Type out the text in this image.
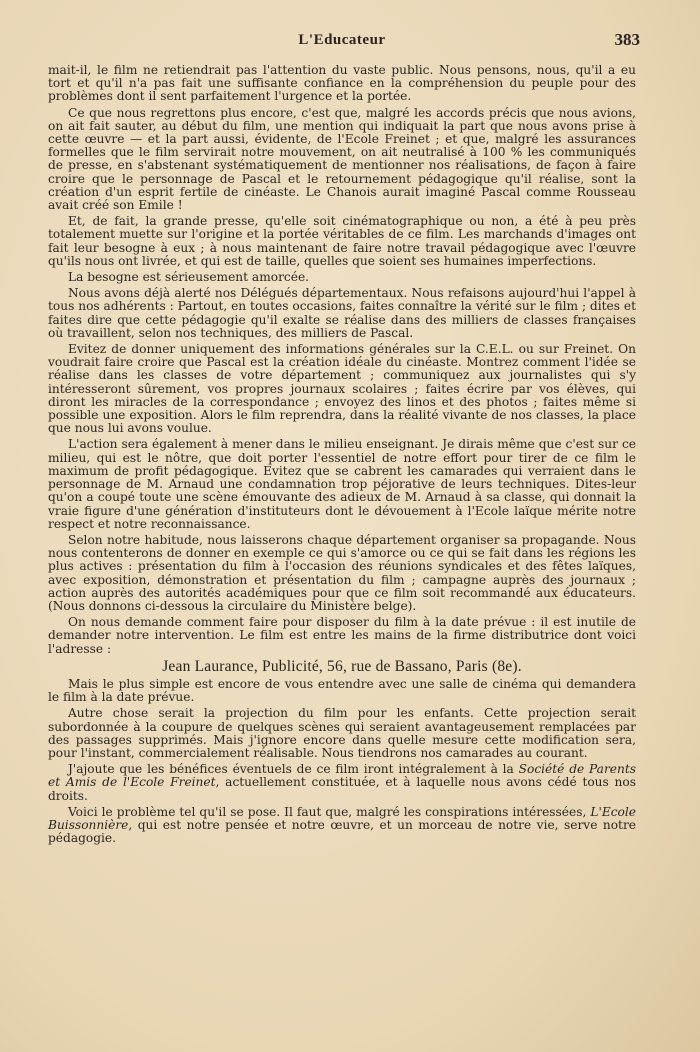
L'Educateur	383

mait-il, le film ne retiendrait pas l'attention du vaste public. Nous pensons, nous, qu'il a eu tort et qu'il n'a pas fait une suffisante confiance en la compréhension du peuple pour des problèmes dont il sent parfaitement l'urgence et la portée.

Ce que nous regrettons plus encore, c'est que, malgré les accords précis que nous avions, on ait fait sauter, au début du film, une mention qui indiquait la part que nous avons prise à cette œuvre — et la part aussi, évidente, de l'Ecole Freinet ; et que, malgré les assurances formelles que le film servirait notre mouvement, on ait neutralisé à 100 % les communiqués de presse, en s'abstenant systématiquement de mentionner nos réalisations, de façon à faire croire que le personnage de Pascal et le retournement pédagogique qu'il réalise, sont la création d'un esprit fertile de cinéaste. Le Chanois aurait imaginé Pascal comme Rousseau avait créé son Emile !

Et, de fait, la grande presse, qu'elle soit cinématographique ou non, a été à peu près totalement muette sur l'origine et la portée véritables de ce film. Les marchands d'images ont fait leur besogne à eux ; à nous maintenant de faire notre travail pédagogique avec l'œuvre qu'ils nous ont livrée, et qui est de taille, quelles que soient ses humaines imperfections.

La besogne est sérieusement amorcée.

Nous avons déjà alerté nos Délégués départementaux. Nous refaisons aujourd'hui l'appel à tous nos adhérents : Partout, en toutes occasions, faites connaître la vérité sur le film ; dites et faites dire que cette pédagogie qu'il exalte se réalise dans des milliers de classes françaises où travaillent, selon nos techniques, des milliers de Pascal.

Evitez de donner uniquement des informations générales sur la C.E.L. ou sur Freinet. On voudrait faire croire que Pascal est la création idéale du cinéaste. Montrez comment l'idée se réalise dans les classes de votre département ; communiquez aux journalistes qui s'y intéresseront sûrement, vos propres journaux scolaires ; faites écrire par vos élèves, qui diront les miracles de la correspondance ; envoyez des linos et des photos ; faites même si possible une exposition. Alors le film reprendra, dans la réalité vivante de nos classes, la place que nous lui avons voulue.

L'action sera également à mener dans le milieu enseignant. Je dirais même que c'est sur ce milieu, qui est le nôtre, que doit porter l'essentiel de notre effort pour tirer de ce film le maximum de profit pédagogique. Evitez que se cabrent les camarades qui verraient dans le personnage de M. Arnaud une condamnation trop péjorative de leurs techniques. Dites-leur qu'on a coupé toute une scène émouvante des adieux de M. Arnaud à sa classe, qui donnait la vraie figure d'une génération d'instituteurs dont le dévouement à l'Ecole laïque mérite notre respect et notre reconnaissance.

Selon notre habitude, nous laisserons chaque département organiser sa propagande. Nous nous contenterons de donner en exemple ce qui s'amorce ou ce qui se fait dans les régions les plus actives : présentation du film à l'occasion des réunions syndicales et des fêtes laïques, avec exposition, démonstration et présentation du film ; campagne auprès des journaux ; action auprès des autorités académiques pour que ce film soit recommandé aux éducateurs. (Nous donnons ci-dessous la circulaire du Ministère belge).

On nous demande comment faire pour disposer du film à la date prévue : il est inutile de demander notre intervention. Le film est entre les mains de la firme distributrice dont voici l'adresse :

Jean Laurance, Publicité, 56, rue de Bassano, Paris (8e).

Mais le plus simple est encore de vous entendre avec une salle de cinéma qui demandera le film à la date prévue.

Autre chose serait la projection du film pour les enfants. Cette projection serait subordonnée à la coupure de quelques scènes qui seraient avantageusement remplacées par des passages supprimés. Mais j'ignore encore dans quelle mesure cette modification sera, pour l'instant, commercialement réalisable. Nous tiendrons nos camarades au courant.

J'ajoute que les bénéfices éventuels de ce film iront intégralement à la Société de Parents et Amis de l'Ecole Freinet, actuellement constituée, et à laquelle nous avons cédé tous nos droits.

Voici le problème tel qu'il se pose. Il faut que, malgré les conspirations intéressées, L'Ecole Buissonnière, qui est notre pensée et notre œuvre, et un morceau de notre vie, serve notre pédagogie.
